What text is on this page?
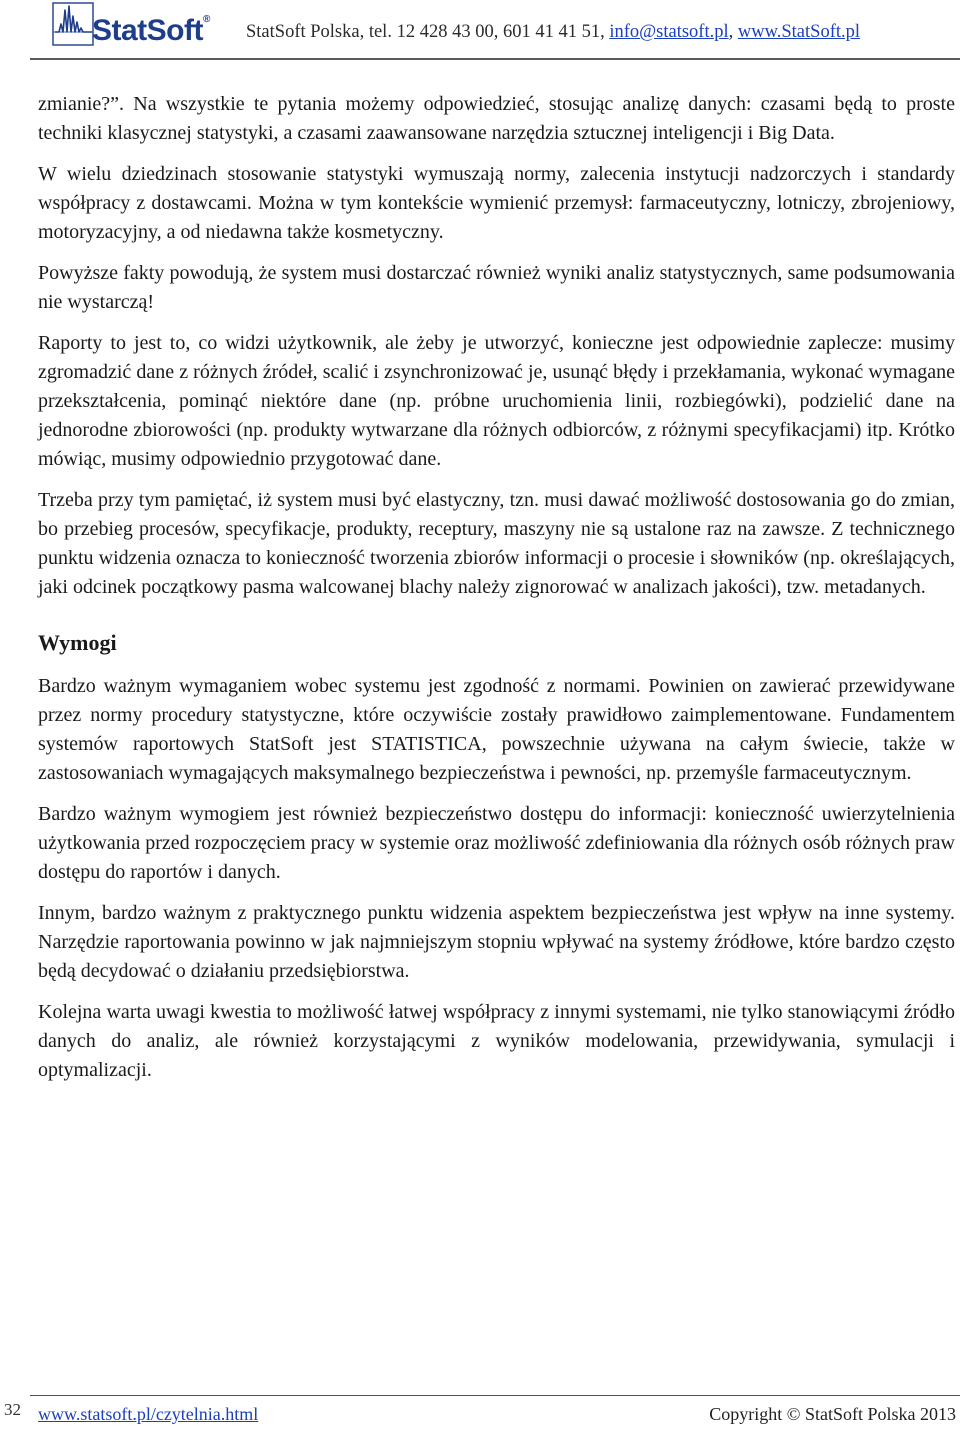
StatSoft®
StatSoft Polska, tel. 12 428 43 00, 601 41 41 51, info@statsoft.pl, www.StatSoft.pl

zmianie?”. Na wszystkie te pytania możemy odpowiedzieć, stosując analizę danych: czasami będą to proste techniki klasycznej statystyki, a czasami zaawansowane narzędzia sztucznej inteligencji i Big Data.

W wielu dziedzinach stosowanie statystyki wymuszają normy, zalecenia instytucji nadzorczych i standardy współpracy z dostawcami. Można w tym kontekście wymienić przemysł: farmaceutyczny, lotniczy, zbrojeniowy, motoryzacyjny, a od niedawna także kosmetyczny.

Powyższe fakty powodują, że system musi dostarczać również wyniki analiz statystycznych, same podsumowania nie wystarczą!

Raporty to jest to, co widzi użytkownik, ale żeby je utworzyć, konieczne jest odpowiednie zaplecze: musimy zgromadzić dane z różnych źródeł, scalić i zsynchronizować je, usunąć błędy i przekłamania, wykonać wymagane przekształcenia, pominąć niektóre dane (np. próbne uruchomienia linii, rozbiegówki), podzielić dane na jednorodne zbiorowości (np. produkty wytwarzane dla różnych odbiorców, z różnymi specyfikacjami) itp. Krótko mówiąc, musimy odpowiednio przygotować dane.

Trzeba przy tym pamiętać, iż system musi być elastyczny, tzn. musi dawać możliwość dostosowania go do zmian, bo przebieg procesów, specyfikacje, produkty, receptury, maszyny nie są ustalone raz na zawsze. Z technicznego punktu widzenia oznacza to konieczność tworzenia zbiorów informacji o procesie i słowników (np. określających, jaki odcinek początkowy pasma walcowanej blachy należy zignorować w analizach jakości), tzw. metadanych.

Wymogi

Bardzo ważnym wymaganiem wobec systemu jest zgodność z normami. Powinien on zawierać przewidywane przez normy procedury statystyczne, które oczywiście zostały prawidłowo zaimplementowane. Fundamentem systemów raportowych StatSoft jest STATISTICA, powszechnie używana na całym świecie, także w zastosowaniach wymagających maksymalnego bezpieczeństwa i pewności, np. przemyśle farmaceutycznym.

Bardzo ważnym wymogiem jest również bezpieczeństwo dostępu do informacji: konieczność uwierzytelnienia użytkowania przed rozpoczęciem pracy w systemie oraz możliwość zdefiniowania dla różnych osób różnych praw dostępu do raportów i danych.

Innym, bardzo ważnym z praktycznego punktu widzenia aspektem bezpieczeństwa jest wpływ na inne systemy. Narzędzie raportowania powinno w jak najmniejszym stopniu wpływać na systemy źródłowe, które bardzo często będą decydować o działaniu przedsiębiorstwa.

Kolejna warta uwagi kwestia to możliwość łatwej współpracy z innymi systemami, nie tylko stanowiącymi źródło danych do analiz, ale również korzystającymi z wyników modelowania, przewidywania, symulacji i optymalizacji.

32 www.statsoft.pl/czytelnia.html	Copyright © StatSoft Polska 2013
